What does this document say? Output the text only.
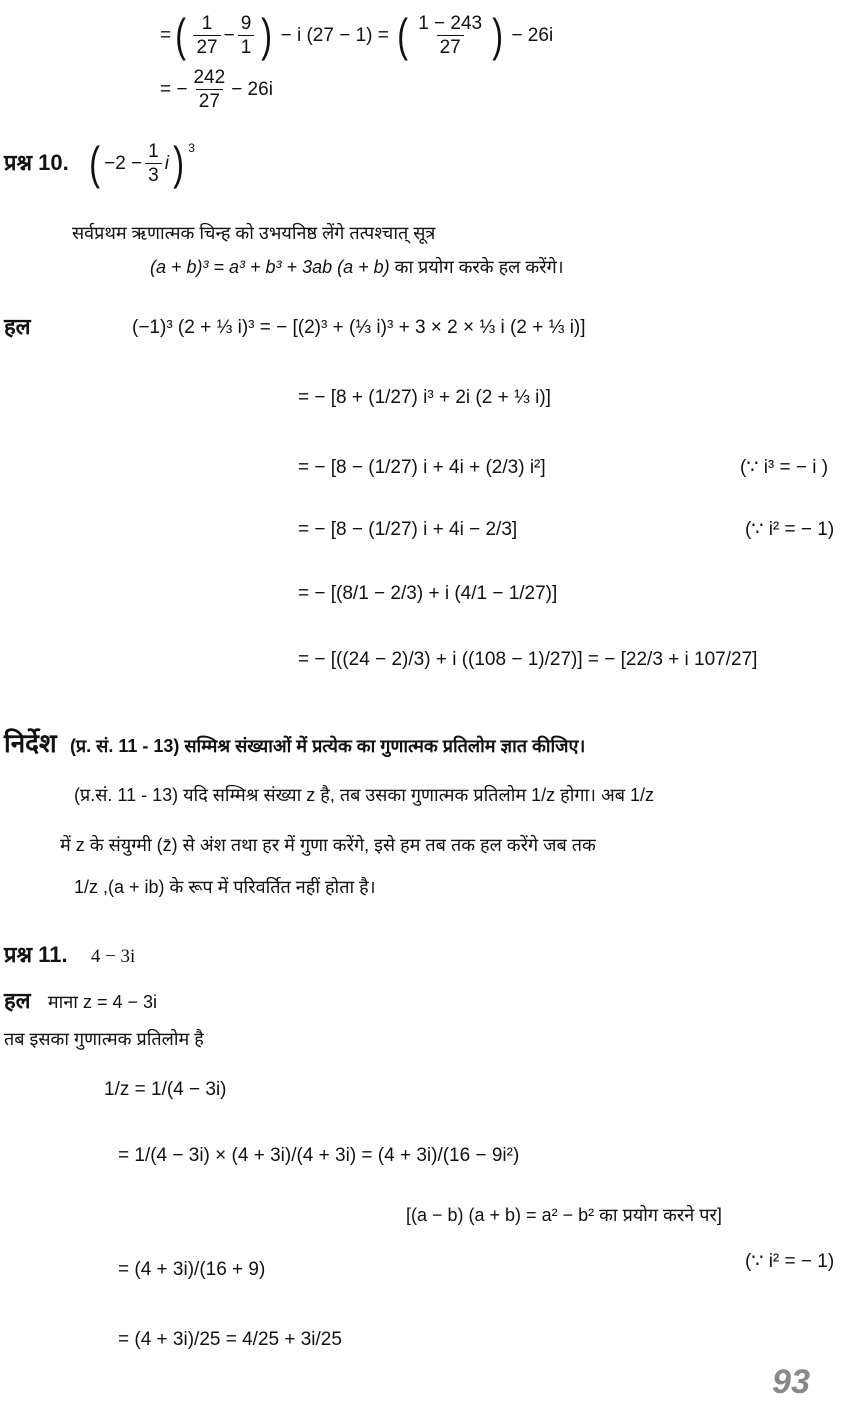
= ( $\frac{1}{27} - \frac{9}{1}$ ) − i (27 − 1) = ( $\frac{1 - 243}{27}$ ) − 26i
= − $\frac{242}{27} - 26i$
प्रश्न 10. ( $-2 - \frac{1}{3}$ i ) $^3$
सर्वप्रथम ऋणात्मक चिन्ह को उभयनिष्ठ लेंगे तत्पश्चात् सूत्र
(a + b)³ = a³ + b³ + 3ab (a + b) का प्रयोग करके हल करेंगे।
हल	(−1)³ (2 + ⅓ i)³ = − [(2)³ + (⅓ i)³ + 3 × 2 × ⅓ i (2 + ⅓ i)]
= − [8 + (1/27) i³ + 2i (2 + ⅓ i)]
= − [8 − (1/27) i + 4i + (2/3) i²]	(∵ i³ = − i )
= − [8 − (1/27) i + 4i − 2/3]	(∵ i² = − 1)
= − [(8/1 − 2/3) + i (4/1 − 1/27)]
= − [((24 − 2)/3) + i ((108 − 1)/27)] = − [22/3 + i 107/27]
निर्देश (प्र. सं. 11 - 13) सम्मिश्र संख्याओं में प्रत्येक का गुणात्मक प्रतिलोम ज्ञात कीजिए।
(प्र.सं. 11 - 13) यदि सम्मिश्र संख्या z है, तब उसका गुणात्मक प्रतिलोम 1/z होगा। अब 1/z
में z के संयुग्मी (z̄) से अंश तथा हर में गुणा करेंगे, इसे हम तब तक हल करेंगे जब तक
1/z ,(a + ib) के रूप में परिवर्तित नहीं होता है।
प्रश्न 11. 4 − 3i
हल माना z = 4 − 3i
तब इसका गुणात्मक प्रतिलोम है
1/z = 1/(4 − 3i)
= 1/(4 − 3i) × (4 + 3i)/(4 + 3i) = (4 + 3i)/(16 − 9i²)
[(a − b) (a + b) = a² − b² का प्रयोग करने पर]
= (4 + 3i)/(16 + 9)	(∵ i² = − 1)
= (4 + 3i)/25 = 4/25 + 3i/25
93
